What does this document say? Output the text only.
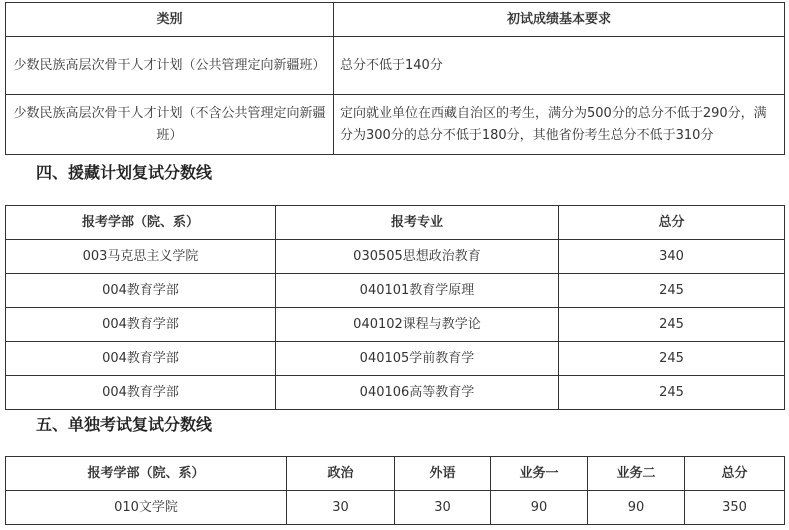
类别	初试成绩基本要求
少数民族高层次骨干人才计划（公共管理定向新疆班）	总分不低于140分
少数民族高层次骨干人才计划（不含公共管理定向新疆班）	定向就业单位在西藏自治区的考生，满分为500分的总分不低于290分，满分为300分的总分不低于180分，其他省份考生总分不低于310分
四、援藏计划复试分数线
报考学部（院、系）	报考专业	总分
003马克思主义学院	030505思想政治教育	340
004教育学部	040101教育学原理	245
004教育学部	040102课程与教学论	245
004教育学部	040105学前教育学	245
004教育学部	040106高等教育学	245
五、单独考试复试分数线
报考学部（院、系）	政治	外语	业务一	业务二	总分
010文学院	30	30	90	90	350
